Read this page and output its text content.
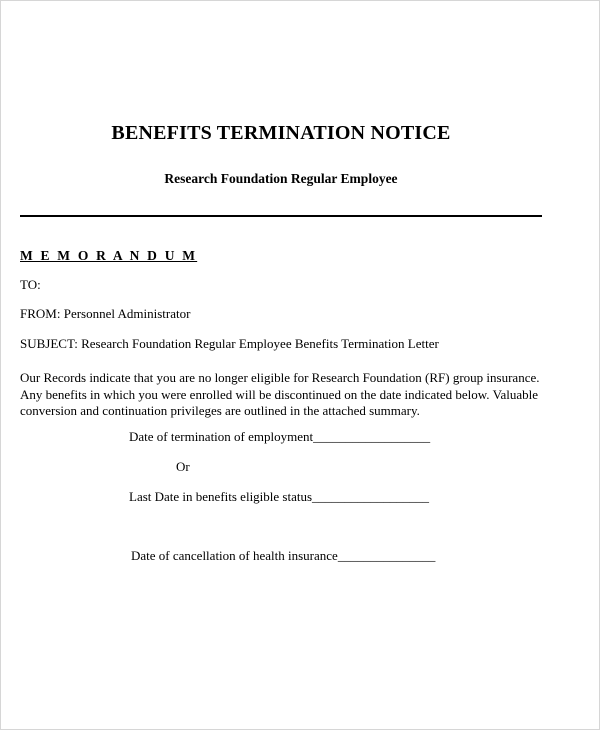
BENEFITS TERMINATION NOTICE
Research Foundation Regular Employee
M E M O R A N D U M
TO:
FROM: Personnel Administrator
SUBJECT: Research Foundation Regular Employee Benefits Termination Letter
Our Records indicate that you are no longer eligible for Research Foundation (RF) group insurance. Any benefits in which you were enrolled will be discontinued on the date indicated below. Valuable conversion and continuation privileges are outlined in the attached summary.
Date of termination of employment__________________
Or
Last Date in benefits eligible status__________________
Date of cancellation of health insurance_______________
